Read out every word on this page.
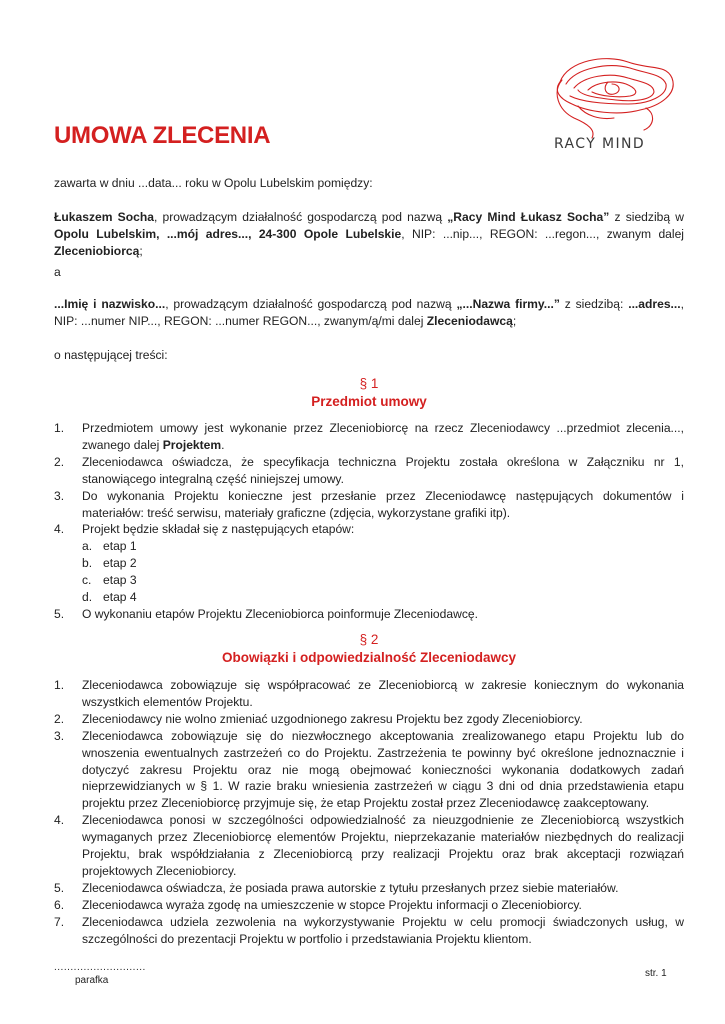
UMOWA ZLECENIA	RACY MIND

zawarta w dniu ...data... roku w Opolu Lubelskim pomiędzy:

Łukaszem Socha, prowadzącym działalność gospodarczą pod nazwą „Racy Mind Łukasz Socha” z siedzibą w Opolu Lubelskim, ...mój adres..., 24-300 Opole Lubelskie, NIP: ...nip..., REGON: ...regon..., zwanym dalej Zleceniobiorcą;

a

...Imię i nazwisko..., prowadzącym działalność gospodarczą pod nazwą „...Nazwa firmy...” z siedzibą: ...adres..., NIP: ...numer NIP..., REGON: ...numer REGON..., zwanym/ą/mi dalej Zleceniodawcą;

o następującej treści:

§ 1
Przedmiot umowy
1. Przedmiotem umowy jest wykonanie przez Zleceniobiorcę na rzecz Zleceniodawcy ...przedmiot zlecenia..., zwanego dalej Projektem.
2. Zleceniodawca oświadcza, że specyfikacja techniczna Projektu została określona w Załączniku nr 1, stanowiącego integralną część niniejszej umowy.
3. Do wykonania Projektu konieczne jest przesłanie przez Zleceniodawcę następujących dokumentów i materiałów: treść serwisu, materiały graficzne (zdjęcia, wykorzystane grafiki itp).
4. Projekt będzie składał się z następujących etapów:
a. etap 1
b. etap 2
c. etap 3
d. etap 4
5. O wykonaniu etapów Projektu Zleceniobiorca poinformuje Zleceniodawcę.
§ 2
Obowiązki i odpowiedzialność Zleceniodawcy
1. Zleceniodawca zobowiązuje się współpracować ze Zleceniobiorcą w zakresie koniecznym do wykonania wszystkich elementów Projektu.
2. Zleceniodawcy nie wolno zmieniać uzgodnionego zakresu Projektu bez zgody Zleceniobiorcy.
3. Zleceniodawca zobowiązuje się do niezwłocznego akceptowania zrealizowanego etapu Projektu lub do wnoszenia ewentualnych zastrzeżeń co do Projektu. Zastrzeżenia te powinny być określone jednoznacznie i dotyczyć zakresu Projektu oraz nie mogą obejmować konieczności wykonania dodatkowych zadań nieprzewidzianych w § 1. W razie braku wniesienia zastrzeżeń w ciągu 3 dni od dnia przedstawienia etapu projektu przez Zleceniobiorcę przyjmuje się, że etap Projektu został przez Zleceniodawcę zaakceptowany.
4. Zleceniodawca ponosi w szczególności odpowiedzialność za nieuzgodnienie ze Zleceniobiorcą wszystkich wymaganych przez Zleceniobiorcę elementów Projektu, nieprzekazanie materiałów niezbędnych do realizacji Projektu, brak współdziałania z Zleceniobiorcą przy realizacji Projektu oraz brak akceptacji rozwiązań projektowych Zleceniobiorcy.
5. Zleceniodawca oświadcza, że posiada prawa autorskie z tytułu przesłanych przez siebie materiałów.
6. Zleceniodawca wyraża zgodę na umieszczenie w stopce Projektu informacji o Zleceniobiorcy.
7. Zleceniodawca udziela zezwolenia na wykorzystywanie Projektu w celu promocji świadczonych usług, w szczególności do prezentacji Projektu w portfolio i przedstawiania Projektu klientom.
............................
parafka
str. 1
